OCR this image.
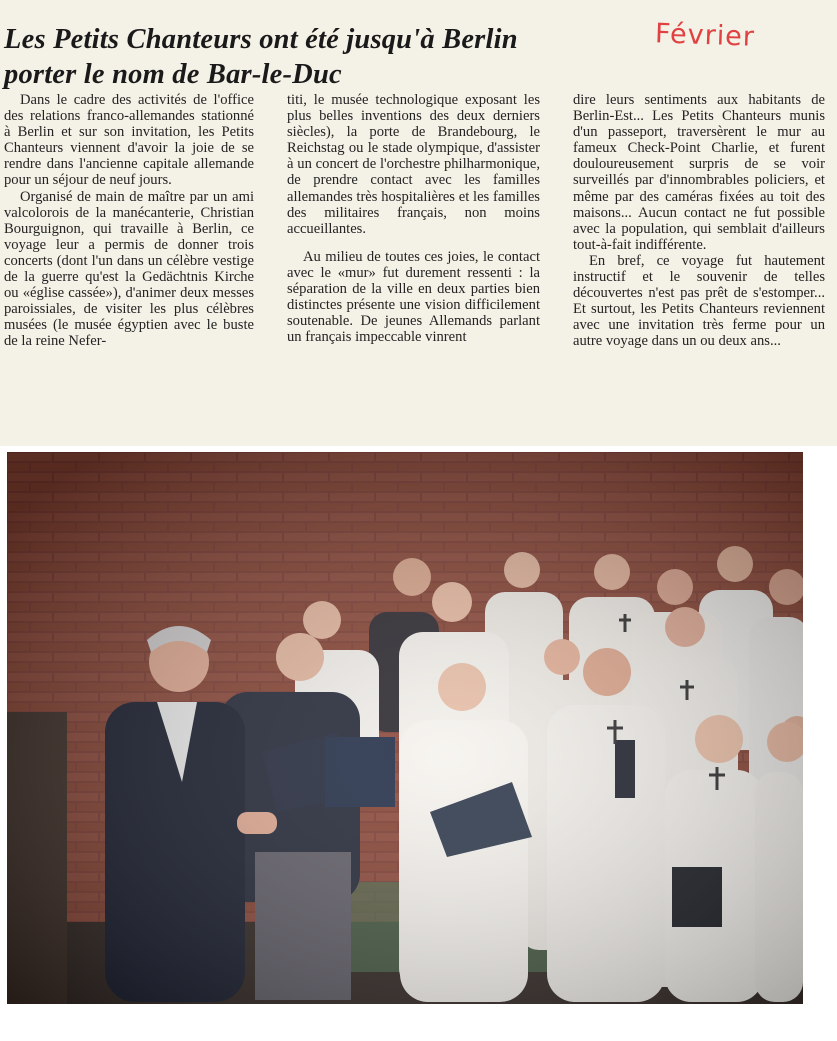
Les Petits Chanteurs ont été jusqu'à Berlin
porter le nom de Bar-le-Duc
Février

Dans le cadre des activités de l'office des relations franco-allemandes stationné à Berlin et sur son invitation, les Petits Chanteurs viennent d'avoir la joie de se rendre dans l'ancienne capitale allemande pour un séjour de neuf jours.

Organisé de main de maître par un ami valcolorois de la manécanterie, Christian Bourguignon, qui travaille à Berlin, ce voyage leur a permis de donner trois concerts (dont l'un dans un célèbre vestige de la guerre qu'est la Gedächtnis Kirche ou «église cassée»), d'animer deux messes paroissiales, de visiter les plus célèbres musées (le musée égyptien avec le buste de la reine Nefer-

titi, le musée technologique exposant les plus belles inventions des deux derniers siècles), la porte de Brandebourg, le Reichstag ou le stade olympique, d'assister à un concert de l'orchestre philharmonique, de prendre contact avec les familles allemandes très hospitalières et les familles des militaires français, non moins accueillantes.

Au milieu de toutes ces joies, le contact avec le «mur» fut durement ressenti : la séparation de la ville en deux parties bien distinctes présente une vision difficilement soutenable. De jeunes Allemands parlant un français impeccable vinrent

dire leurs sentiments aux habitants de Berlin-Est... Les Petits Chanteurs munis d'un passeport, traversèrent le mur au fameux Check-Point Charlie, et furent douloureusement surpris de se voir surveillés par d'innombrables policiers, et même par des caméras fixées au toit des maisons... Aucun contact ne fut possible avec la population, qui semblait d'ailleurs tout-à-fait indifférente.

En bref, ce voyage fut hautement instructif et le souvenir de telles découvertes n'est pas prêt de s'estomper... Et surtout, les Petits Chanteurs reviennent avec une invitation très ferme pour un autre voyage dans un ou deux ans...
